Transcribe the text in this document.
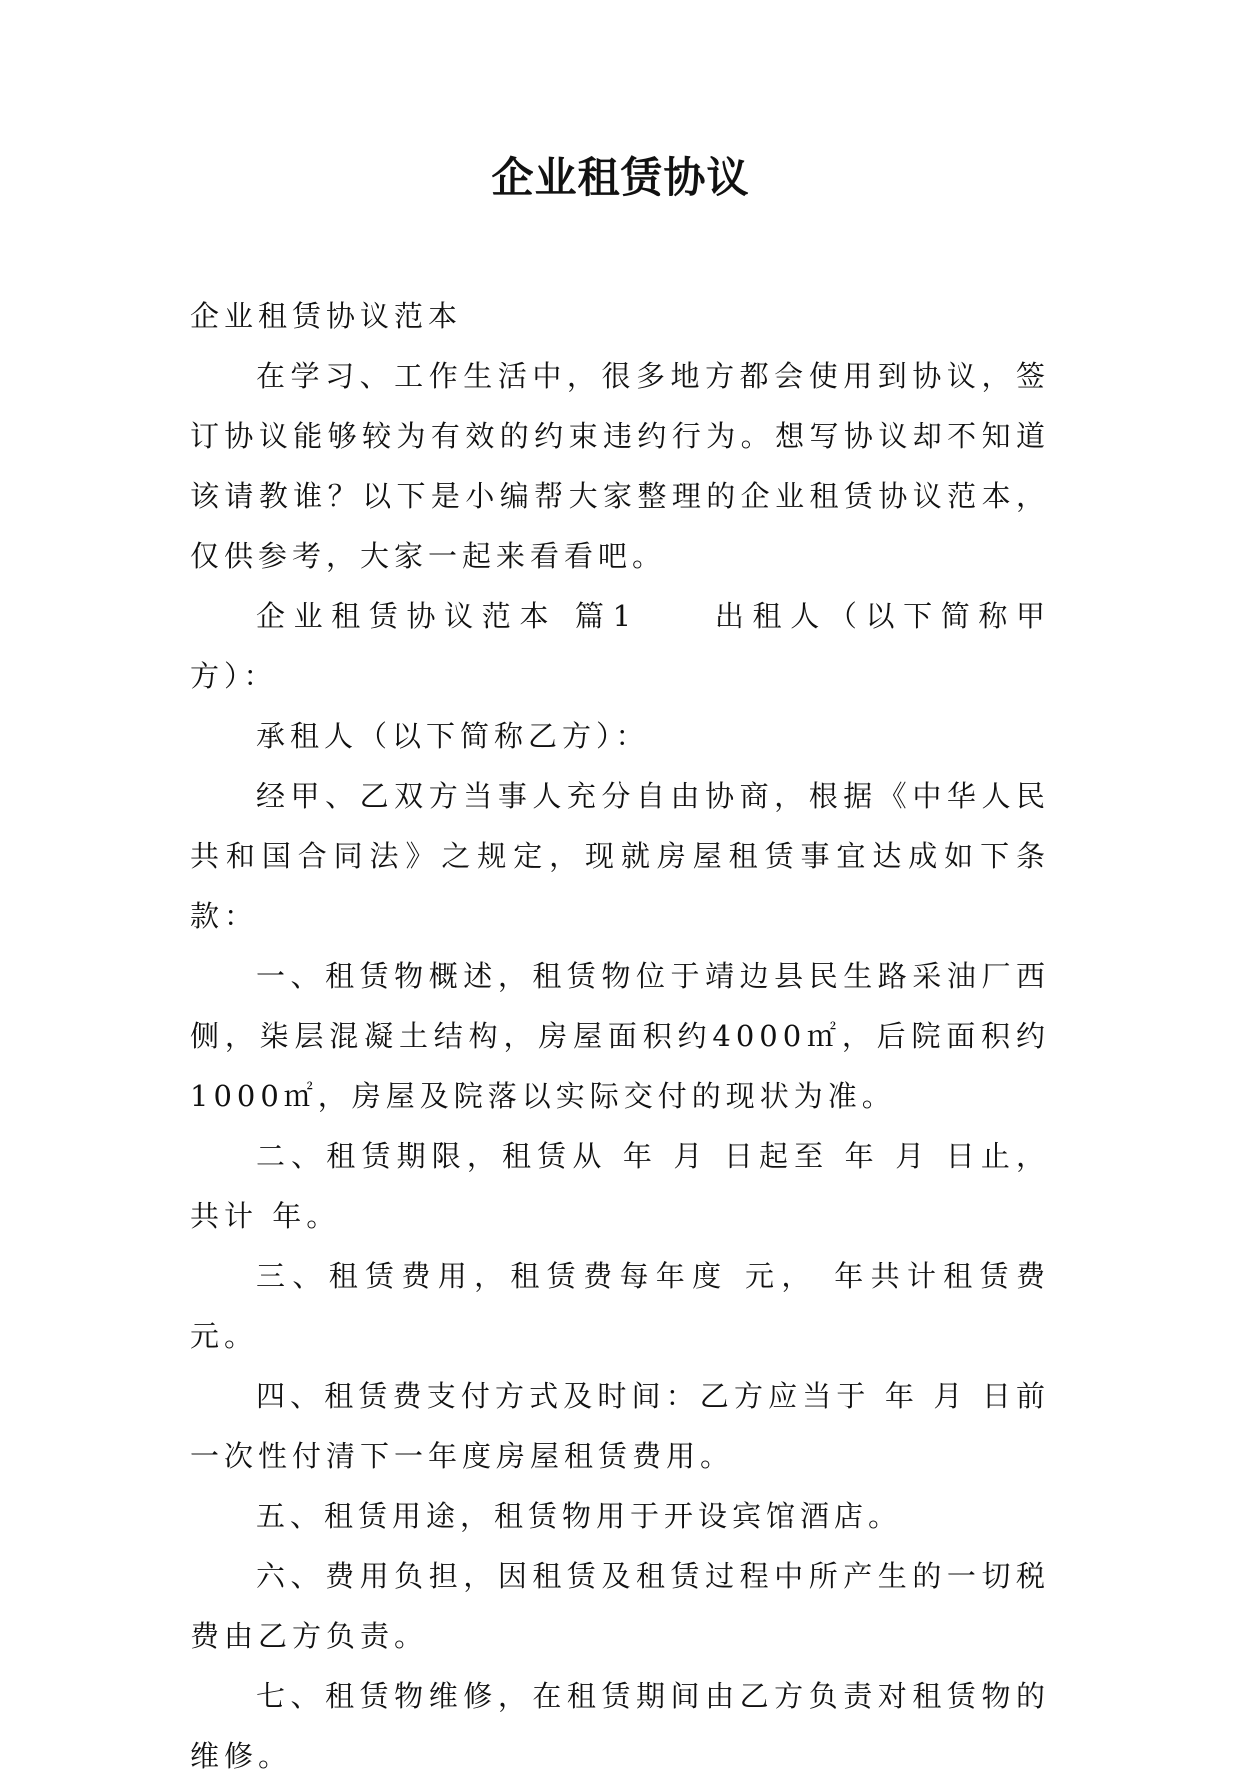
企业租赁协议

企业租赁协议范本

在学习、工作生活中，很多地方都会使用到协议，签订协议能够较为有效的约束违约行为。想写协议却不知道该请教谁？以下是小编帮大家整理的企业租赁协议范本，仅供参考，大家一起来看看吧。

企业租赁协议范本 篇1　　出租人（以下简称甲方）：

承租人（以下简称乙方）：

经甲、乙双方当事人充分自由协商，根据《中华人民共和国合同法》之规定，现就房屋租赁事宜达成如下条款：

一、租赁物概述，租赁物位于靖边县民生路采油厂西侧，柒层混凝土结构，房屋面积约4000㎡，后院面积约1000㎡，房屋及院落以实际交付的现状为准。

二、租赁期限，租赁从 年 月 日起至 年 月 日止，共计 年。

三、租赁费用，租赁费每年度 元， 年共计租赁费 元。

四、租赁费支付方式及时间：乙方应当于 年 月 日前一次性付清下一年度房屋租赁费用。

五、租赁用途，租赁物用于开设宾馆酒店。

六、费用负担，因租赁及租赁过程中所产生的一切税费由乙方负责。

七、租赁物维修，在租赁期间由乙方负责对租赁物的维修。
